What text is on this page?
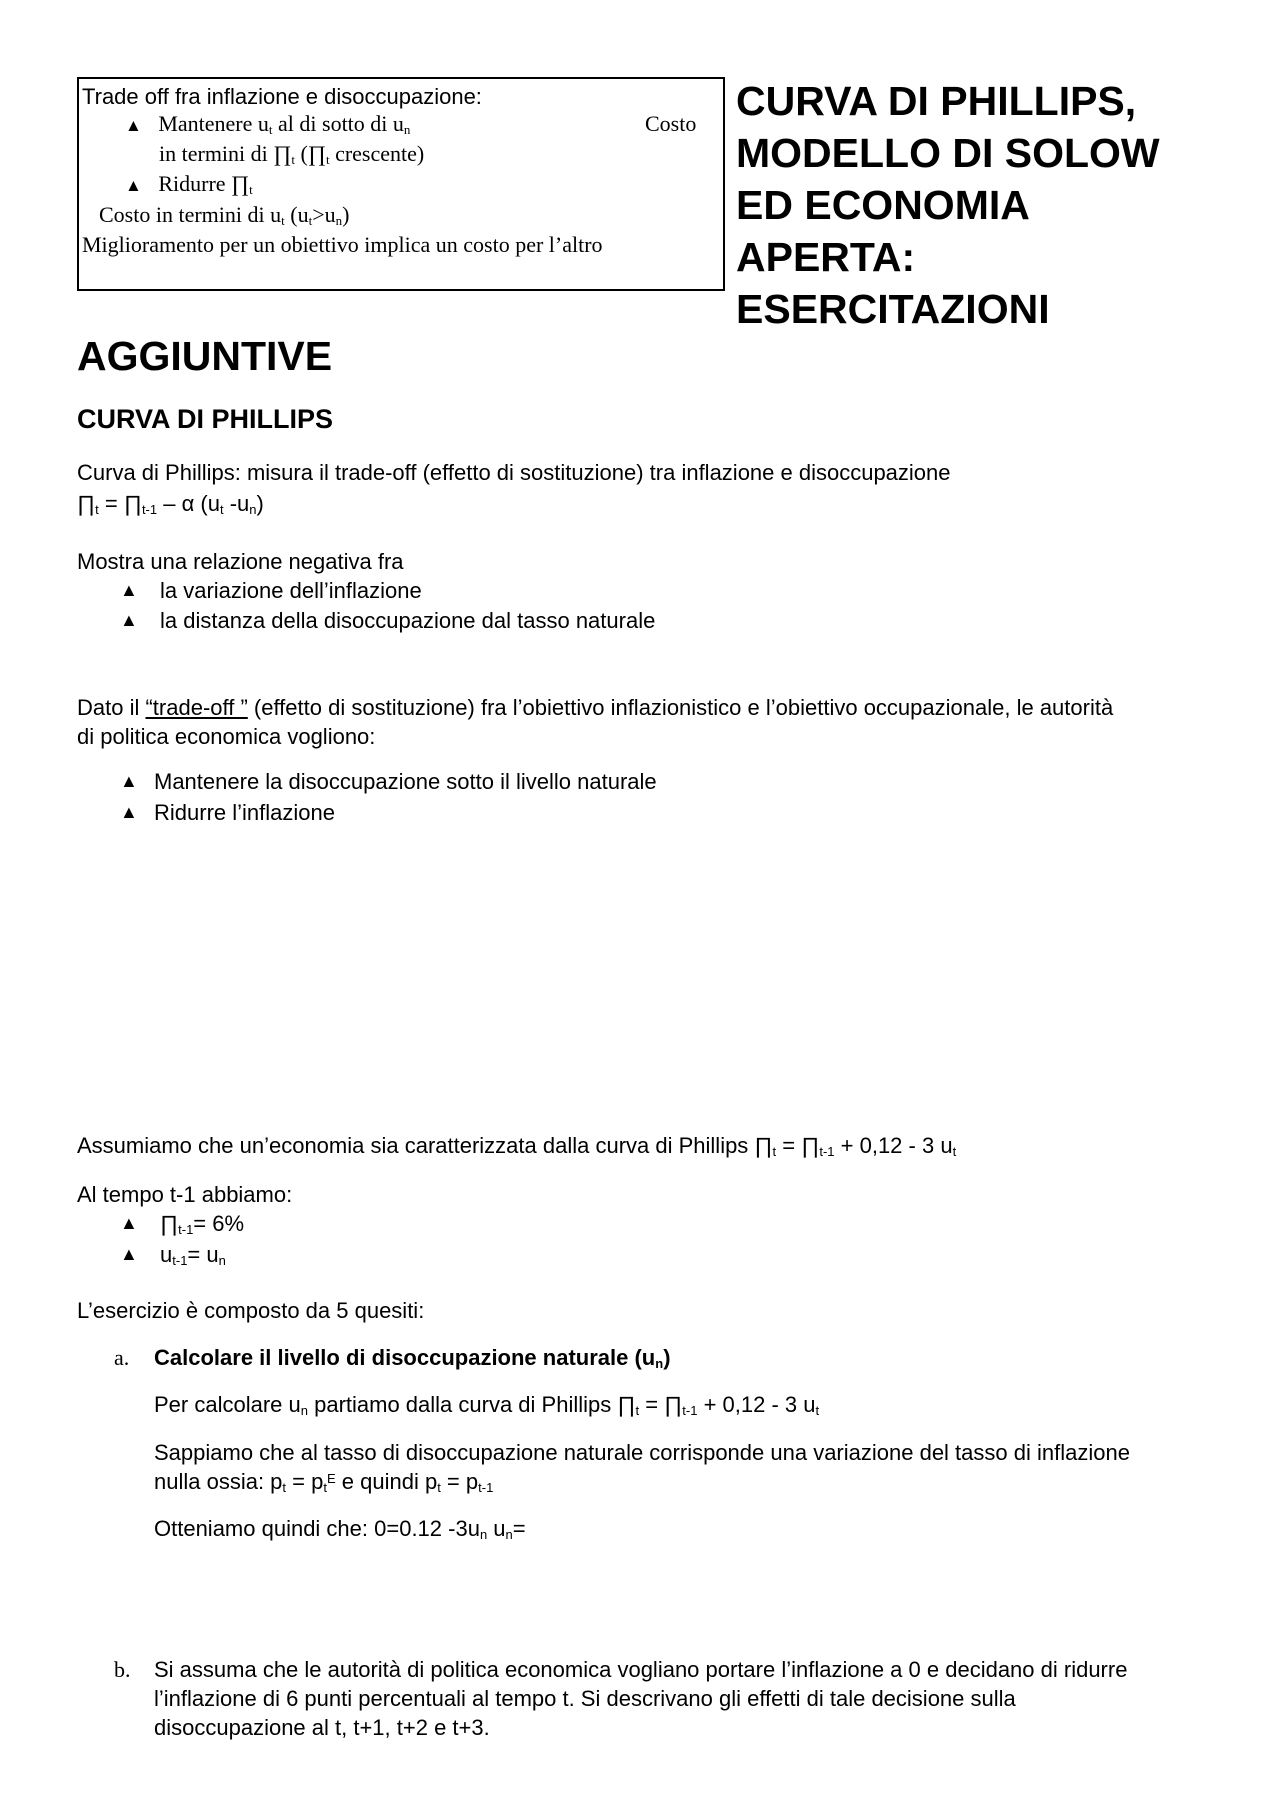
Trade off fra inflazione e disoccupazione:
▲ Mantenere $u_t$ al di sotto di $u_n$	Costo
in termini di $\prod_t$ ($\prod_t$ crescente)
▲ Ridurre $\prod_t$
Costo in termini di $u_t$ $(u_t>u_n)$
Miglioramento per un obiettivo implica un costo per l’altro
CURVA DI PHILLIPS,
MODELLO DI SOLOW
ED ECONOMIA
APERTA:
ESERCITAZIONI
AGGIUNTIVE
CURVA DI PHILLIPS
Curva di Phillips: misura il trade-off (effetto di sostituzione) tra inflazione e disoccupazione
$\prod_t$ = $\prod_{t-1}$ – α ($u_t$ $-u_n$)
Mostra una relazione negativa fra
▲ la variazione dell’inflazione
▲ la distanza della disoccupazione dal tasso naturale
Dato il “trade-off ” (effetto di sostituzione) fra l’obiettivo inflazionistico e l’obiettivo occupazionale, le autorità
di politica economica vogliono:
▲ Mantenere la disoccupazione sotto il livello naturale
▲ Ridurre l’inflazione
Assumiamo che un’economia sia caratterizzata dalla curva di Phillips $\prod_t$ = $\prod_{t-1} + 0,12 - 3$ $u_t$
Al tempo t-1 abbiamo:
▲ $\prod_{t-1}= 6\%$
▲ $u_{t-1}= u_n$
L’esercizio è composto da 5 quesiti:
a. Calcolare il livello di disoccupazione naturale $(u_n)$
Per calcolare $u_n$ partiamo dalla curva di Phillips $\prod_t$ = $\prod_{t-1} + 0,12 - 3$ $u_t$
Sappiamo che al tasso di disoccupazione naturale corrisponde una variazione del tasso di inflazione
nulla ossia: $p_t = p_t^E$ e quindi $p_t = p_{t-1}$
Otteniamo quindi che: 0=0.12 $-3u_n$ $u_n=$
b. Si assuma che le autorità di politica economica vogliano portare l’inflazione a 0 e decidano di ridurre
l’inflazione di 6 punti percentuali al tempo t. Si descrivano gli effetti di tale decisione sulla
disoccupazione al t, t+1, t+2 e t+3.
